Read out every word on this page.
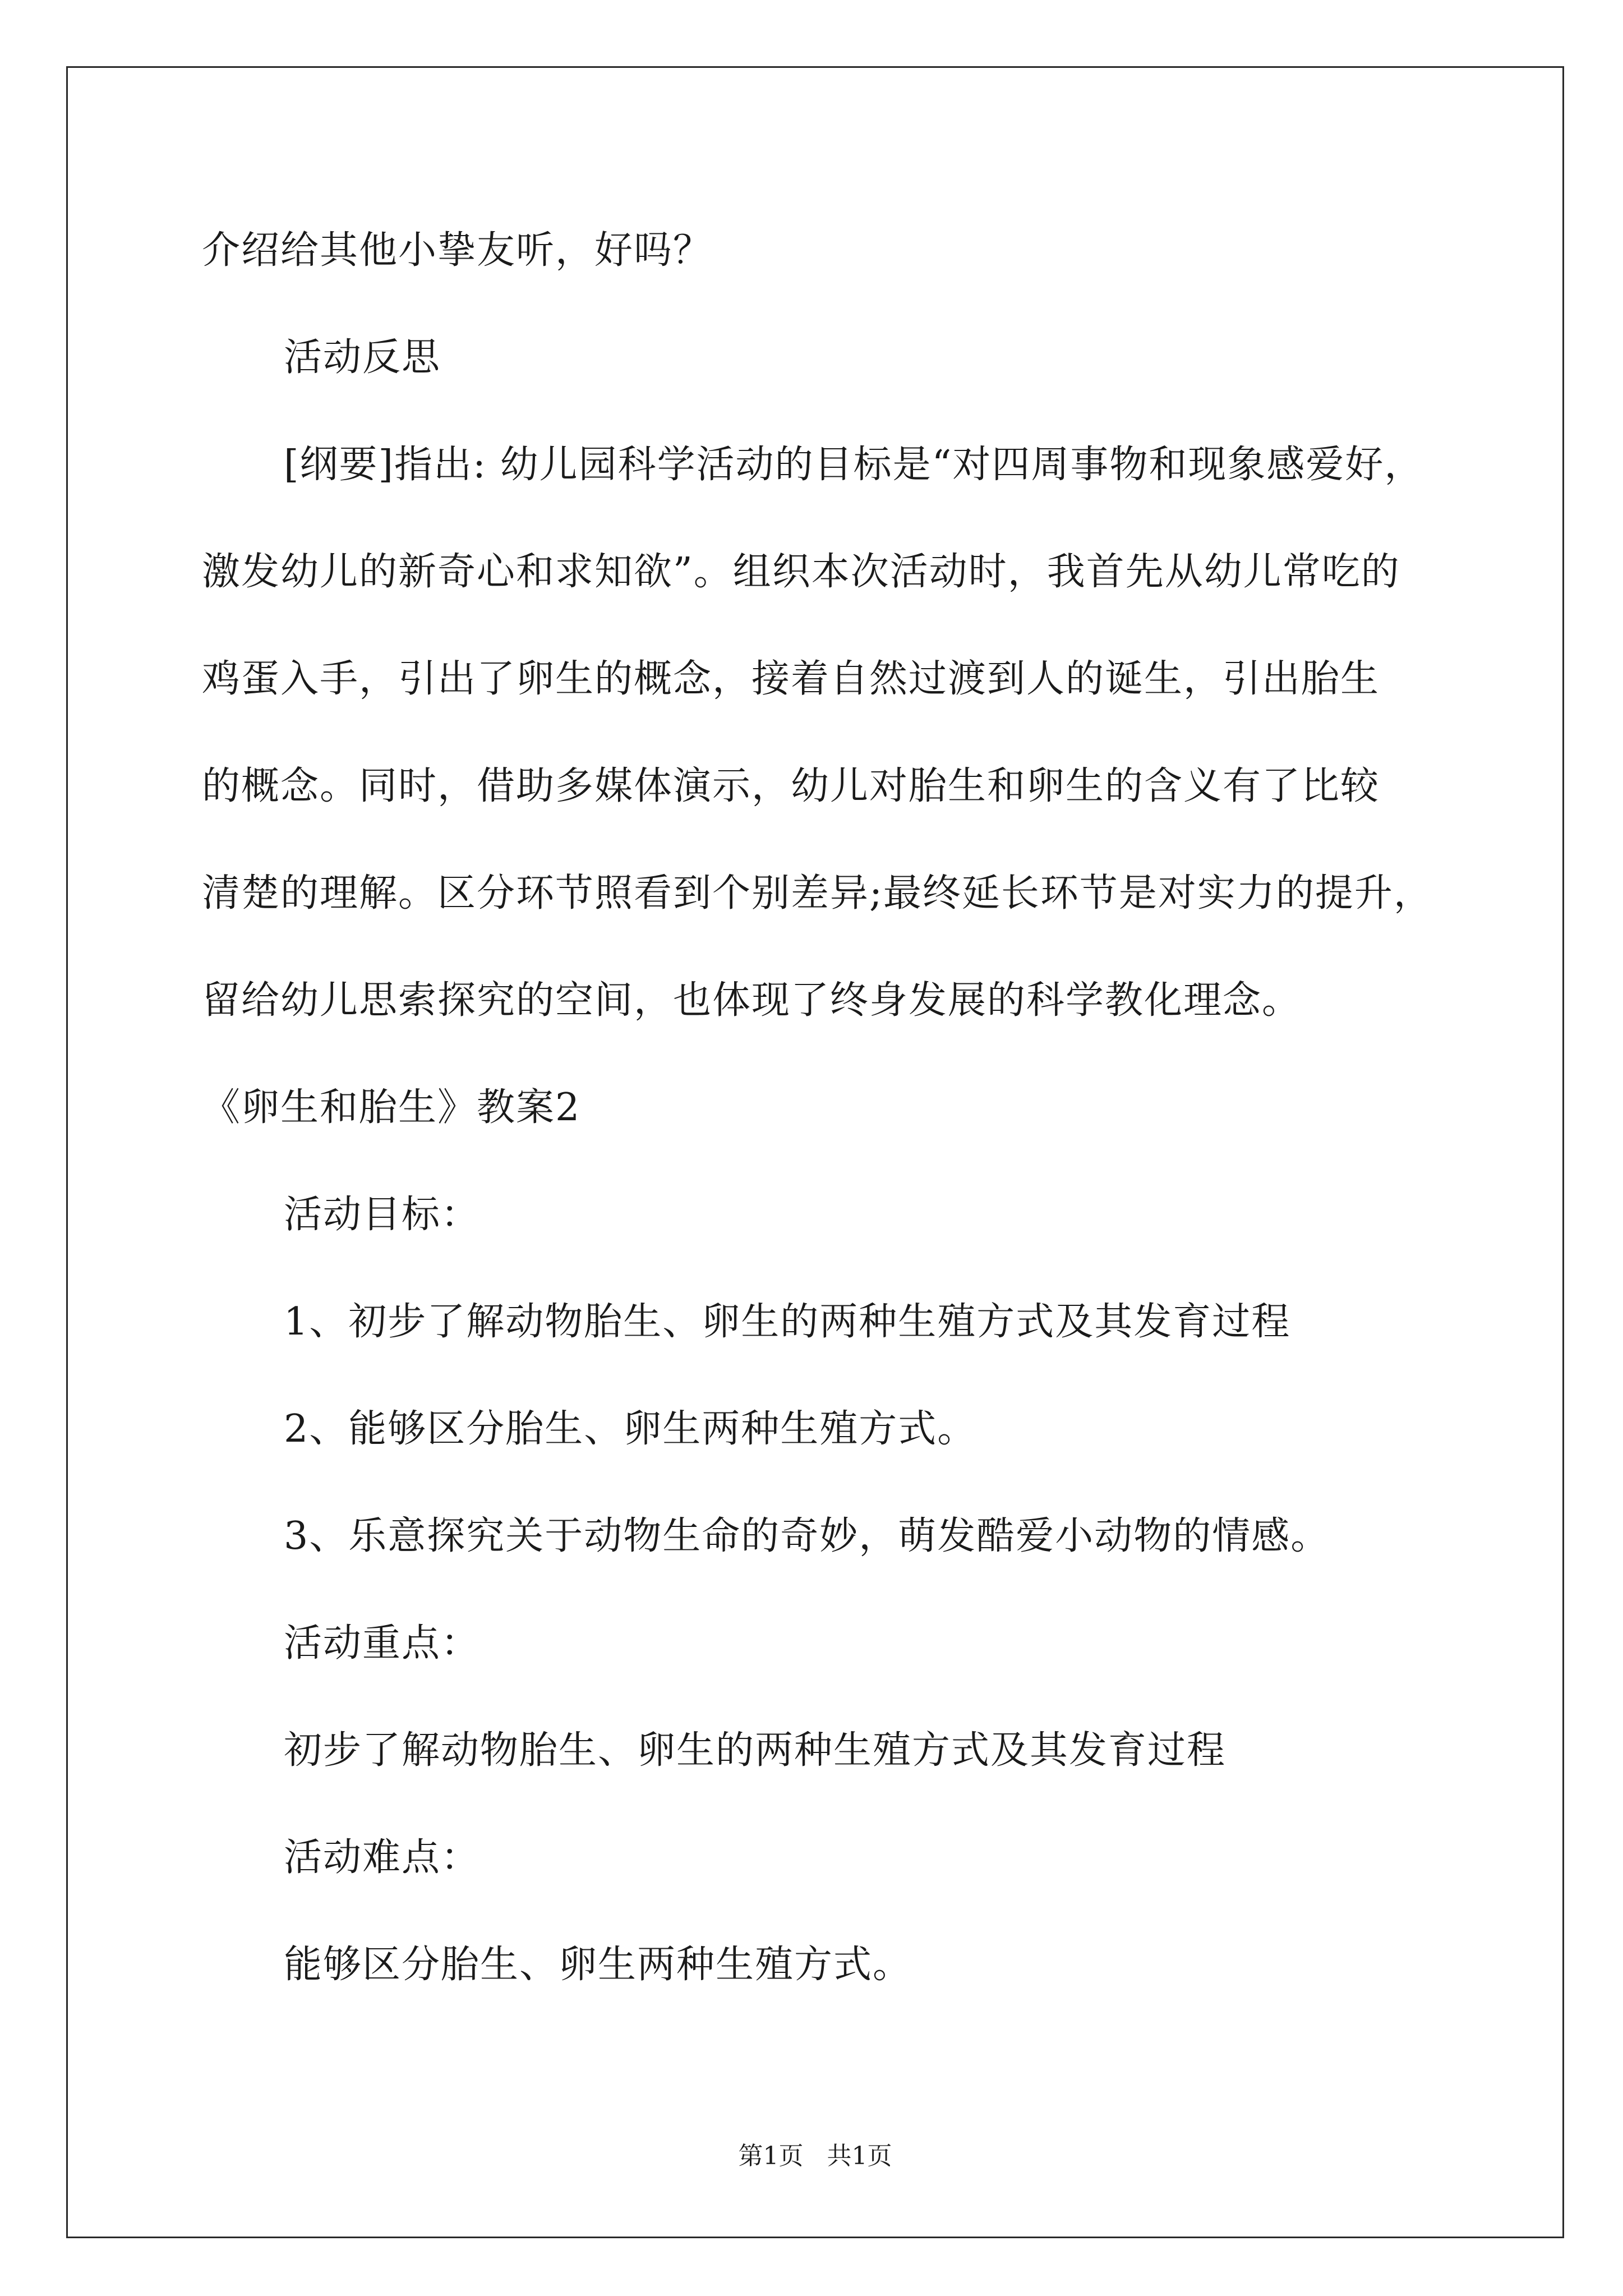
介绍给其他小挚友听，好吗？
活动反思
[纲要]指出: 幼儿园科学活动的目标是“对四周事物和现象感爱好，
激发幼儿的新奇心和求知欲”。组织本次活动时，我首先从幼儿常吃的
鸡蛋入手，引出了卵生的概念，接着自然过渡到人的诞生，引出胎生
的概念。同时，借助多媒体演示，幼儿对胎生和卵生的含义有了比较
清楚的理解。区分环节照看到个别差异;最终延长环节是对实力的提升，
留给幼儿思索探究的空间，也体现了终身发展的科学教化理念。
《卵生和胎生》教案2
活动目标：
1、初步了解动物胎生、卵生的两种生殖方式及其发育过程
2、能够区分胎生、卵生两种生殖方式。
3、乐意探究关于动物生命的奇妙，萌发酷爱小动物的情感。
活动重点：
初步了解动物胎生、卵生的两种生殖方式及其发育过程
活动难点：
能够区分胎生、卵生两种生殖方式。
第1页   共1页
